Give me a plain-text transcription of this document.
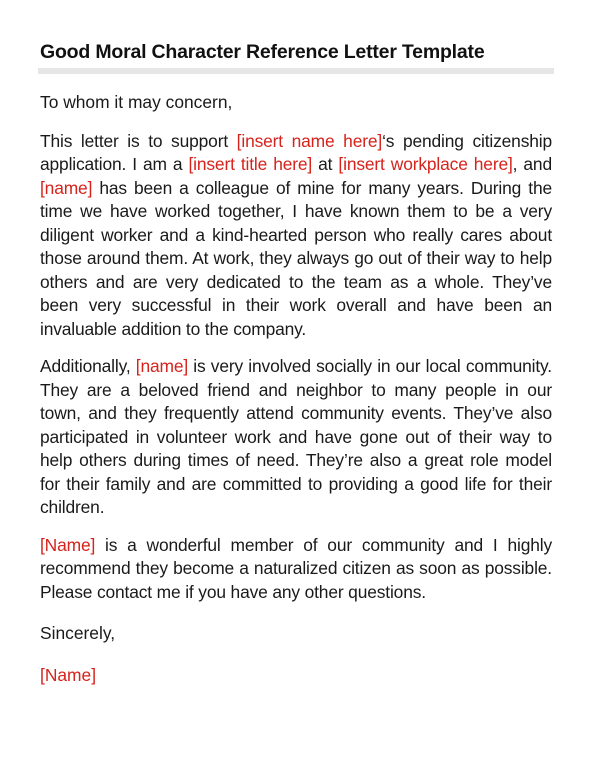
Good Moral Character Reference Letter Template

To whom it may concern,

This letter is to support [insert name here]‘s pending citizenship application. I am a [insert title here] at [insert workplace here], and [name] has been a colleague of mine for many years. During the time we have worked together, I have known them to be a very diligent worker and a kind-hearted person who really cares about those around them. At work, they always go out of their way to help others and are very dedicated to the team as a whole. They’ve been very successful in their work overall and have been an invaluable addition to the company.

Additionally, [name] is very involved socially in our local community. They are a beloved friend and neighbor to many people in our town, and they frequently attend community events. They’ve also participated in volunteer work and have gone out of their way to help others during times of need. They’re also a great role model for their family and are committed to providing a good life for their children.

[Name] is a wonderful member of our community and I highly recommend they become a naturalized citizen as soon as possible. Please contact me if you have any other questions.

Sincerely,

[Name]
